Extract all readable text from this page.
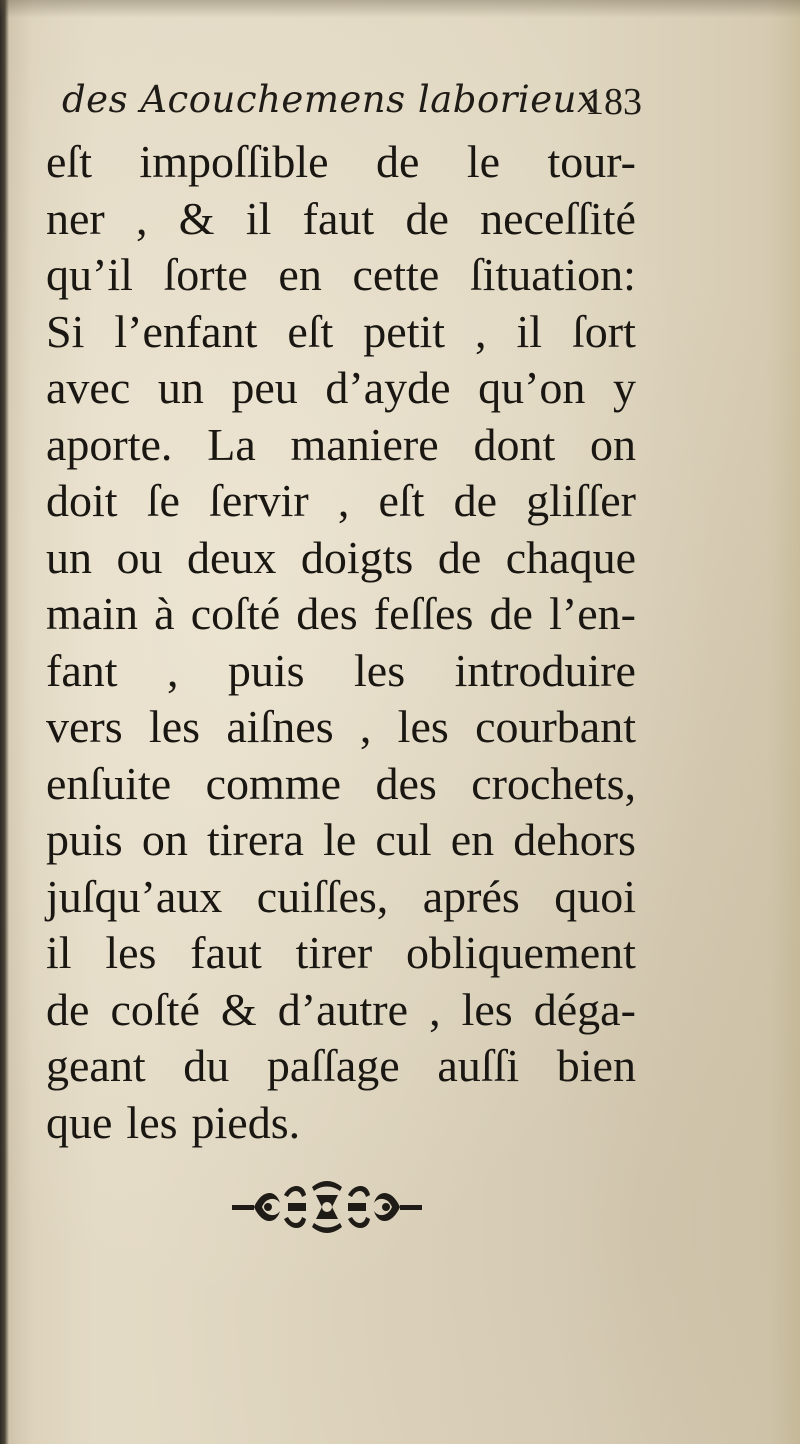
des Acouchemens laborieux
183
eſt impoſſible de le tour-
ner , & il faut de neceſſité
qu’il ſorte en cette ſituation:
Si l’enfant eſt petit , il ſort
avec un peu d’ayde qu’on y
aporte. La maniere dont on
doit ſe ſervir , eſt de gliſſer
un ou deux doigts de chaque
main à coſté des feſſes de l’en-
fant , puis les introduire
vers les aiſnes , les courbant
enſuite comme des crochets,
puis on tirera le cul en dehors
juſqu’aux cuiſſes, aprés quoi
il les faut tirer obliquement
de coſté & d’autre , les déga-
geant du paſſage auſſi bien
que les pieds.
